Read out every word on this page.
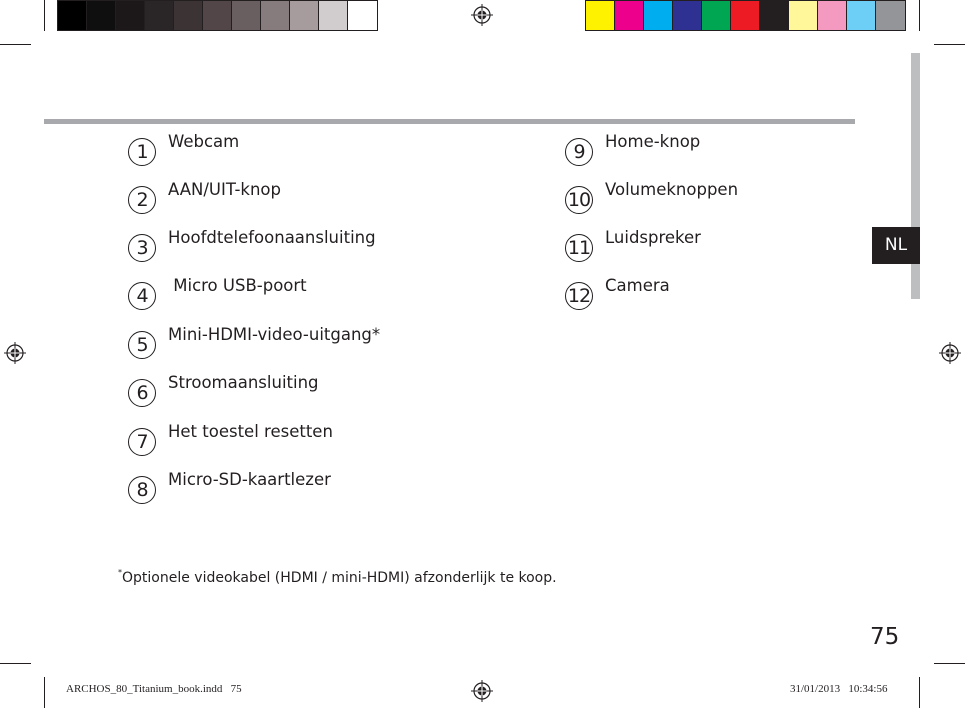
NL
1	Webcam
2	AAN/UIT-knop
3	Hoofdtelefoonaansluiting
4	Micro USB-poort
5	Mini-HDMI-video-uitgang*
6	Stroomaansluiting
7	Het toestel resetten
8	Micro-SD-kaartlezer
9	Home-knop
10 Volumeknoppen
11 Luidspreker
12 Camera
*Optionele videokabel (HDMI / mini-HDMI) afzonderlijk te koop.
75
ARCHOS_80_Titanium_book.indd   75	31/01/2013   10:34:56
